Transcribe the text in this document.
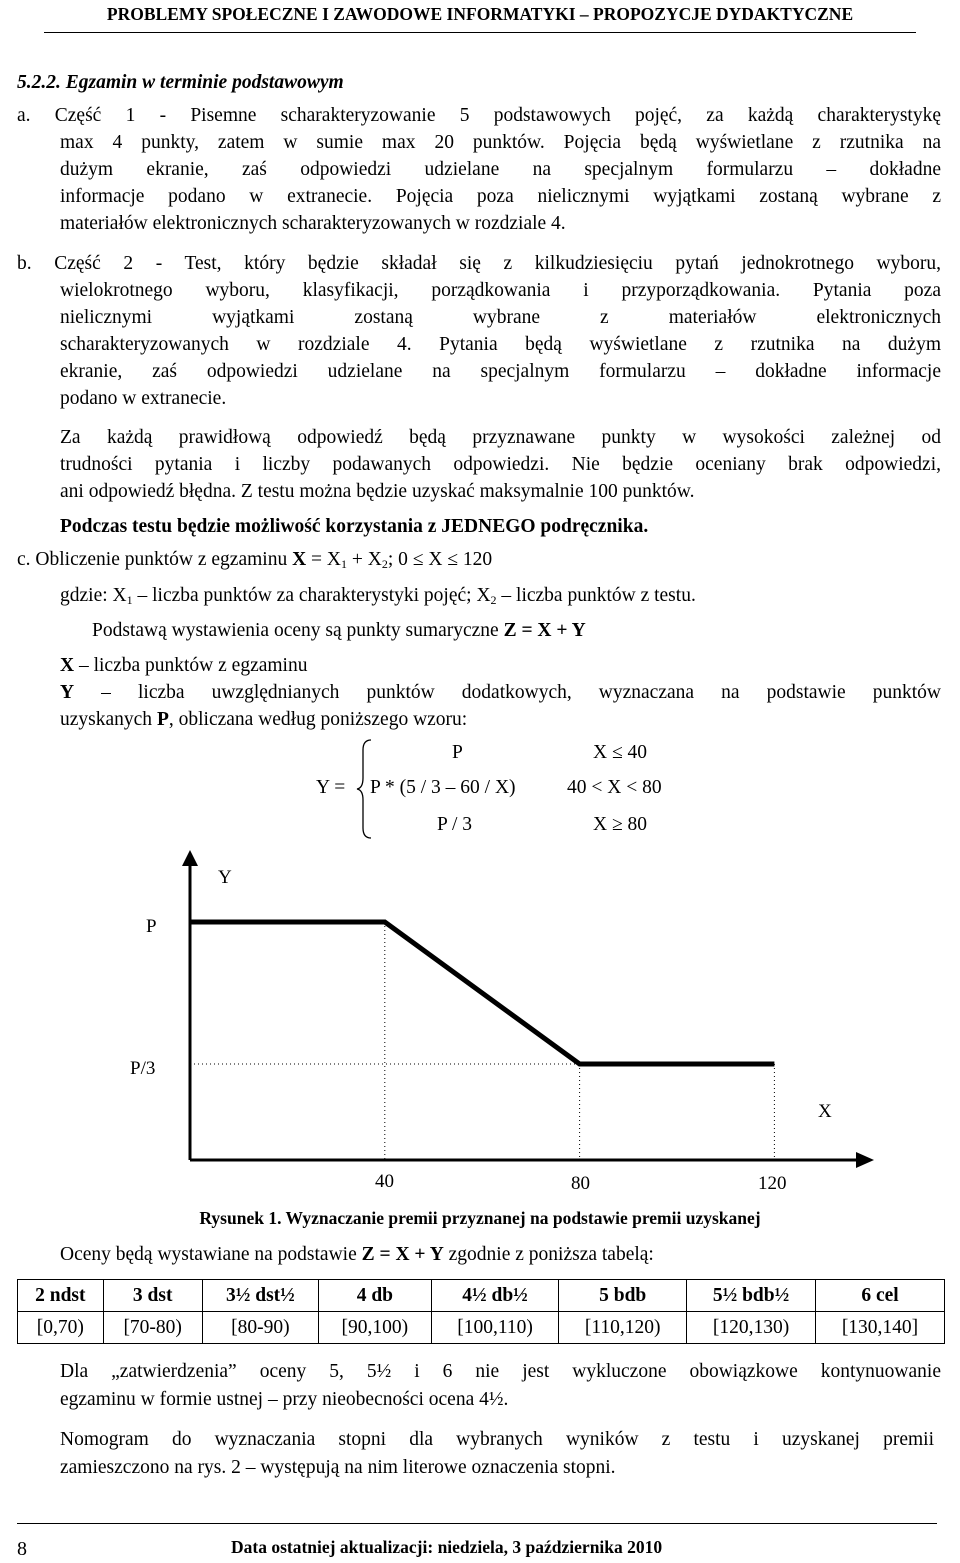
PROBLEMY SPOŁECZNE I ZAWODOWE INFORMATYKI – PROPOZYCJE DYDAKTYCZNE
5.2.2. Egzamin w terminie podstawowym
a. Część 1 - Pisemne scharakteryzowanie 5 podstawowych pojęć, za każdą charakterystykę
max 4 punkty, zatem w sumie max 20 punktów. Pojęcia będą wyświetlane z rzutnika na
dużym ekranie, zaś odpowiedzi udzielane na specjalnym formularzu – dokładne
informacje podano w extranecie. Pojęcia poza nielicznymi wyjątkami zostaną wybrane z
materiałów elektronicznych scharakteryzowanych w rozdziale 4.
b. Część 2 - Test, który będzie składał się z kilkudziesięciu pytań jednokrotnego wyboru,
wielokrotnego wyboru, klasyfikacji, porządkowania i przyporządkowania. Pytania poza
nielicznymi wyjątkami zostaną wybrane z materiałów elektronicznych
scharakteryzowanych w rozdziale 4. Pytania będą wyświetlane z rzutnika na dużym
ekranie, zaś odpowiedzi udzielane na specjalnym formularzu – dokładne informacje
podano w extranecie.
Za każdą prawidłową odpowiedź będą przyznawane punkty w wysokości zależnej od
trudności pytania i liczby podawanych odpowiedzi. Nie będzie oceniany brak odpowiedzi,
ani odpowiedź błędna. Z testu można będzie uzyskać maksymalnie 100 punktów.
Podczas testu będzie możliwość korzystania z JEDNEGO podręcznika.
c. Obliczenie punktów z egzaminu $X = X_1 + X_2$; 0 ≤ X ≤ 120
gdzie: $X_1$ – liczba punktów za charakterystyki pojęć; $X_2$ – liczba punktów z testu.
Podstawą wystawienia oceny są punkty sumaryczne Z = X + Y
X – liczba punktów z egzaminu
Y – liczba uwzględnianych punktów dodatkowych, wyznaczana na podstawie punktów
uzyskanych P, obliczana według poniższego wzoru:
Y =
P	X ≤ 40
P * (5 / 3 – 60 / X)	40 < X < 80
P / 3	X ≥ 80
Y
X
P
P/3
40	80	120
Rysunek 1. Wyznaczanie premii przyznanej na podstawie premii uzyskanej
Oceny będą wystawiane na podstawie Z = X + Y zgodnie z poniższa tabelą:
2 ndst	3 dst	3½ dst½	4 db	4½ db½	5 bdb	5½ bdb½	6 cel
[0,70)	[70-80)	[80-90)	[90,100)	[100,110)	[110,120)	[120,130)	[130,140]
Dla „zatwierdzenia” oceny 5, 5½ i 6 nie jest wykluczone obowiązkowe kontynuowanie
egzaminu w formie ustnej – przy nieobecności ocena 4½.
Nomogram do wyznaczania stopni dla wybranych wyników z testu i uzyskanej premii
zamieszczono na rys. 2 – występują na nim literowe oznaczenia stopni.
8	Data ostatniej aktualizacji: niedziela, 3 października 2010
